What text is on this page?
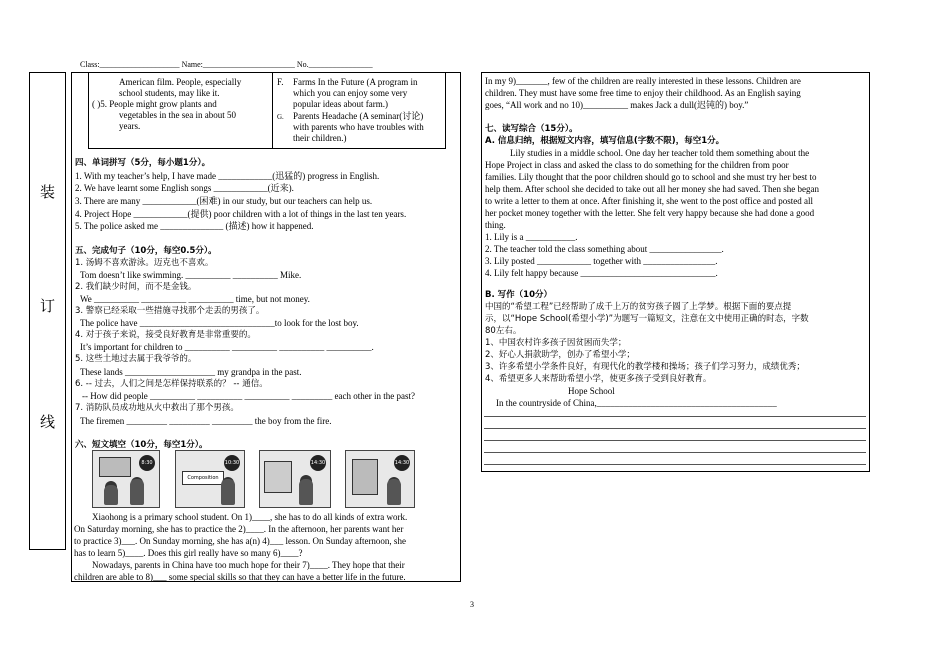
Class:____________________ Name:_______________________ No.________________
装
订
线
American film. People, especially
school students, may like it.
( )5. People might grow plants and
vegetables in the sea in about 50
years.
F. Farms In the Future (A program in
which you can enjoy some very
popular ideas about farm.)
G. Parents Headache (A seminar(讨论)
with parents who have troubles with
their children.)
四、单词拼写（5分，每小题1分）。
1. With my teacher’s help, I have made ____________(迅猛的) progress in English.
2. We have learnt some English songs ____________(近来).
3. There are many ____________(困难) in our study, but our teachers can help us.
4. Project Hope ____________(提供) poor children with a lot of things in the last ten years.
5. The police asked me ______________ (描述) how it happened.
五、完成句子（10分，每空0.5分）。
1. 汤姆不喜欢游泳。迈克也不喜欢。
Tom doesn’t like swimming. __________ __________ Mike.
2. 我们缺少时间，而不是金钱。
We __________ __________ __________ time, but not money.
3. 警察已经采取一些措施寻找那个走丢的男孩了。
The police have ______________________________to look for the lost boy.
4. 对于孩子来说，接受良好教育是非常重要的。
It’s important for children to __________ __________ __________ __________.
5. 这些土地过去属于我爷爷的。
These lands ____________________ my grandpa in the past.
6. -- 过去，人们之间是怎样保持联系的？ -- 通信。
-- How did people __________ __________ __________ _________ each other in the past?
7. 消防队员成功地从火中救出了那个男孩。
The firemen _________ _________ _________ the boy from the fire.
六、短文填空（10分，每空1分）。
8:30	10:30
Composition
14:30	14:30
Xiaohong is a primary school student. On 1)____, she has to do all kinds of extra work.
On Saturday morning, she has to practice the 2)____. In the afternoon, her parents want her
to practice 3)___. On Sunday morning, she has a(n) 4)___ lesson. On Sunday afternoon, she
has to learn 5)____. Does this girl really have so many 6)____?
Nowadays, parents in China have too much hope for their 7)____. They hope that their
children are able to 8)___ some special skills so that they can have a better life in the future.
In my 9)_______, few of the children are really interested in these lessons. Children are
children. They must have some free time to enjoy their childhood. As an English saying
goes, “All work and no 10)__________ makes Jack a dull(迟钝的) boy.”
七、读写综合（15分）。
A. 信息归纳，根据短文内容，填写信息(字数不限)，每空1分。
Lily studies in a middle school. One day her teacher told them something about the
Hope Project in class and asked the class to do something for the children from poor
families. Lily thought that the poor children should go to school and she must try her best to
help them. After school she decided to take out all her money she had saved. Then she began
to write a letter to them at once. After finishing it, she went to the post office and posted all
her pocket money together with the letter. She felt very happy because she had done a good
thing.
1. Lily is a ___________.
2. The teacher told the class something about ________________.
3. Lily posted ____________ together with ________________.
4. Lily felt happy because ______________________________.
B. 写作（10分）
中国的“希望工程”已经帮助了成千上万的贫穷孩子圆了上学梦。根据下面的要点提
示，以“Hope School(希望小学)”为题写一篇短文，注意在文中使用正确的时态，字数
80左右。
1、中国农村许多孩子因贫困而失学；
2、好心人捐款助学，创办了希望小学；
3、许多希望小学条件良好，有现代化的教学楼和操场；孩子们学习努力，成绩优秀；
4、希望更多人来帮助希望小学，使更多孩子受到良好教育。
Hope School
In the countryside of China,________________________________________
3
